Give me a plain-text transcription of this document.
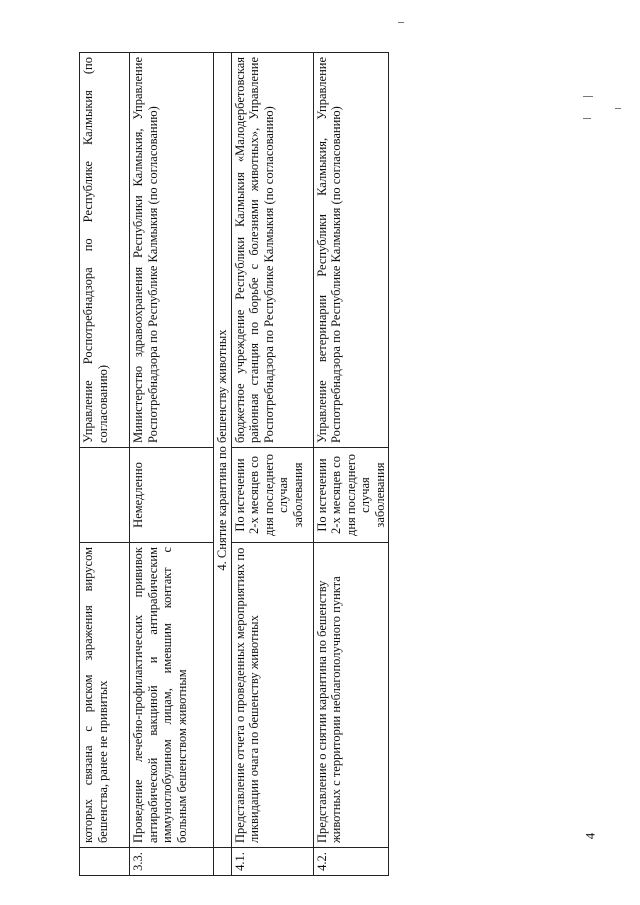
	которых связана с риском заражения вирусом бешенства, ранее не привитых		Управление Роспотребнадзора по Республике Калмыкия (по согласованию)
3.3.	Проведение лечебно-профилактических прививок антирабической вакциной и антирабическим иммуноглобулином лицам, имевшим контакт с больным бешенством животным	Немедленно	Министерство здравоохранения Республики Калмыкия, Управление Роспотребнадзора по Республике Калмыкия (по согласованию)
	4. Снятие карантина по бешенству животных		
4.1.	Представление отчета о проведенных мероприятиях по ликвидации очага по бешенству животных	По истечении 2-х месяцев со дня последнего случая заболевания	бюджетное учреждение Республики Калмыкия «Малодербетовская районная станция по борьбе с болезнями животных», Управление Роспотребнадзора по Республике Калмыкия (по согласованию)
4.2.	Представление о снятии карантина по бешенству животных с территории неблагополучного пункта	По истечении 2-х месяцев со дня последнего случая заболевания	Управление ветеринарии Республики Калмыкия, Управление Роспотребнадзора по Республике Калмыкия (по согласованию)
4
